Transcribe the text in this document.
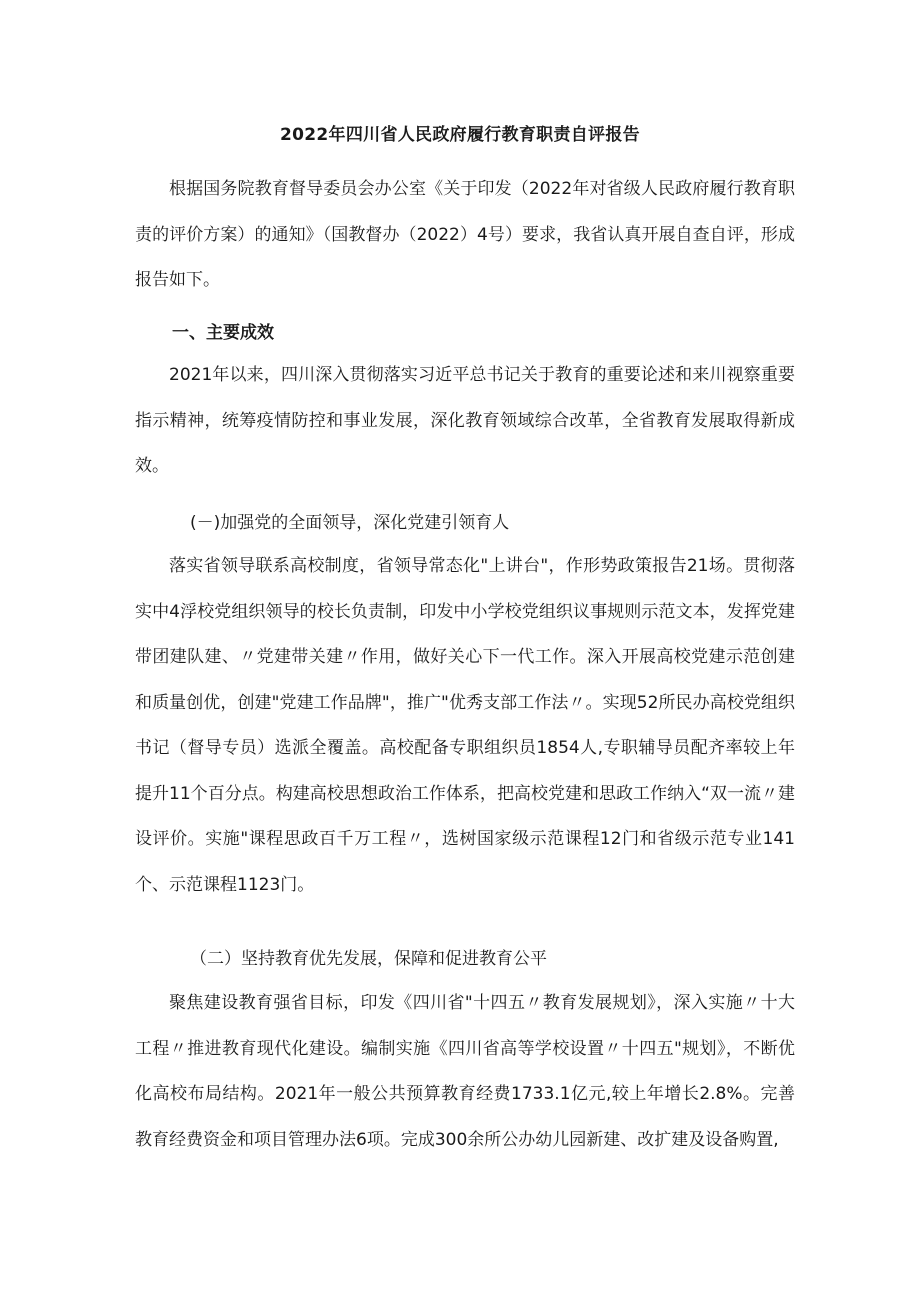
2022年四川省人民政府履行教育职责自评报告

根据国务院教育督导委员会办公室《关于印发（2022年对省级人民政府履行教育职责的评价方案）的通知》（国教督办（2022）4号）要求，我省认真开展自查自评，形成报告如下。

一、主要成效

2021年以来，四川深入贯彻落实习近平总书记关于教育的重要论述和来川视察重要指示精神，统筹疫情防控和事业发展，深化教育领域综合改革，全省教育发展取得新成效。

(－)加强党的全面领导，深化党建引领育人

落实省领导联系高校制度，省领导常态化"上讲台"，作形势政策报告21场。贯彻落实中4浮校党组织领导的校长负责制，印发中小学校党组织议事规则示范文本，发挥党建带团建队建、〃党建带关建〃作用，做好关心下一代工作。深入开展高校党建示范创建和质量创优，创建"党建工作品牌"，推广"优秀支部工作法〃。实现52所民办高校党组织书记（督导专员）选派全覆盖。高校配备专职组织员1854人,专职辅导员配齐率较上年提升11个百分点。构建高校思想政治工作体系，把高校党建和思政工作纳入“双一流〃建设评价。实施"课程思政百千万工程〃，选树国家级示范课程12门和省级示范专业141个、示范课程1123门。

（二）坚持教育优先发展，保障和促进教育公平

聚焦建设教育强省目标，印发《四川省"十四五〃教育发展规划》，深入实施〃十大工程〃推进教育现代化建设。编制实施《四川省高等学校设置〃十四五"规划》，不断优化高校布局结构。2021年一般公共预算教育经费1733.1亿元,较上年增长2.8%。完善教育经费资金和项目管理办法6项。完成300余所公办幼儿园新建、改扩建及设备购置,
